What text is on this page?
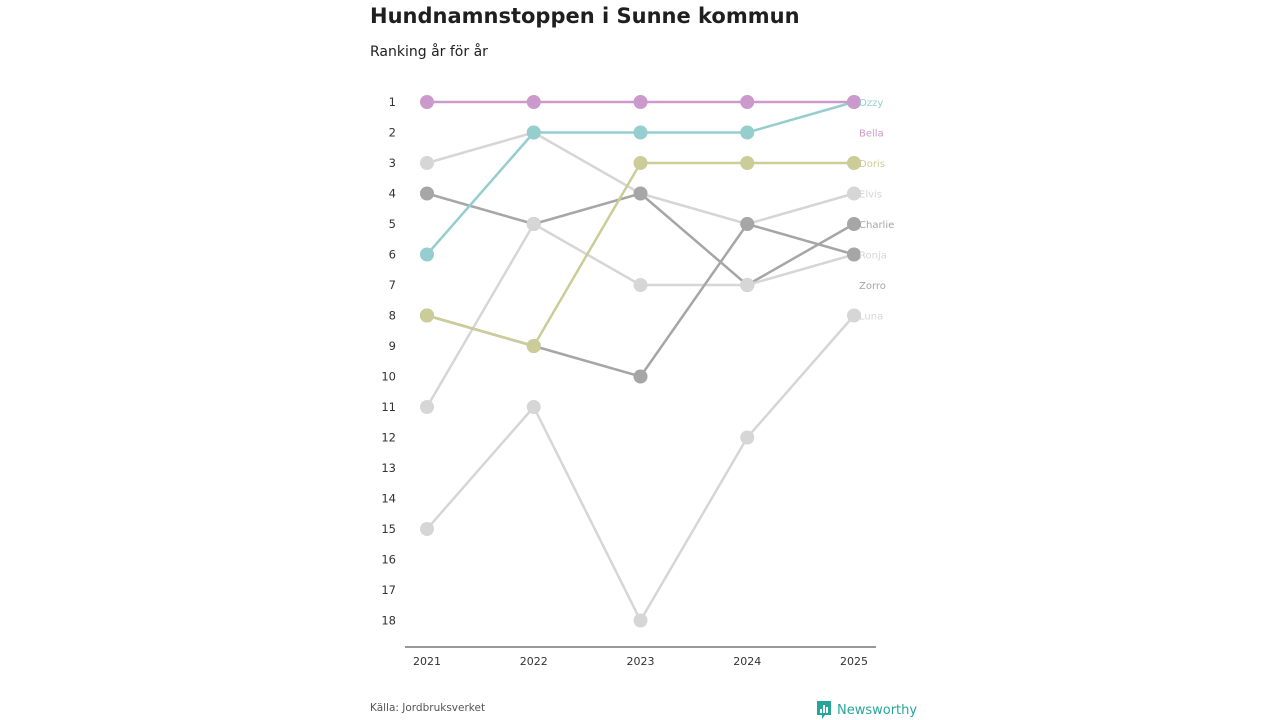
Hundnamnstoppen i Sunne kommun
Ranking år för år
1
2
3
4
5
6
7
8
9
10
11
12
13
14
15
16
17
18
2021	2022	2023	2024	2025
Ozzy
Bella
Doris
Elvis
Charlie
Ronja
Zorro
Luna
Källa: Jordbruksverket	Newsworthy
